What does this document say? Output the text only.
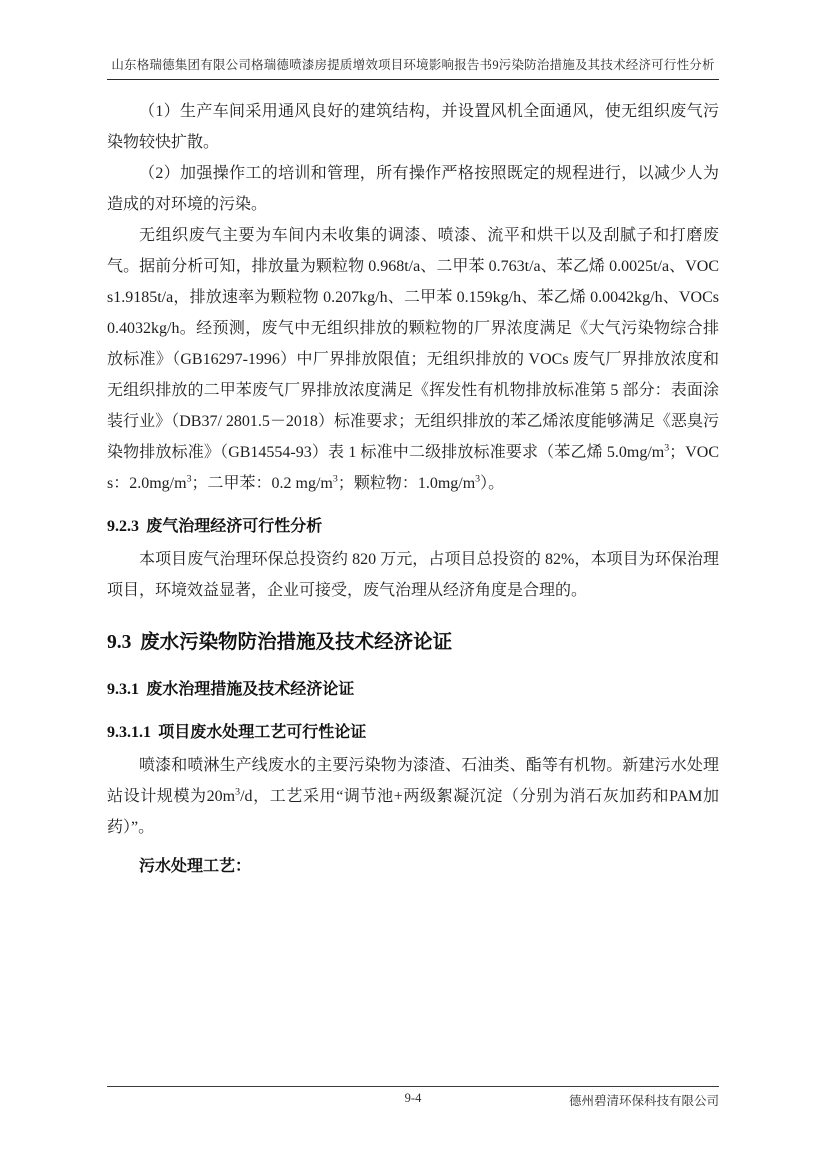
山东格瑞德集团有限公司格瑞德喷漆房提质增效项目环境影响报告书9污染防治措施及其技术经济可行性分析

（1）生产车间采用通风良好的建筑结构，并设置风机全面通风，使无组织废气污染物较快扩散。

（2）加强操作工的培训和管理，所有操作严格按照既定的规程进行，以减少人为造成的对环境的污染。

无组织废气主要为车间内未收集的调漆、喷漆、流平和烘干以及刮腻子和打磨废气。据前分析可知，排放量为颗粒物 0.968t/a、二甲苯 0.763t/a、苯乙烯 0.0025t/a、VOCs1.9185t/a，排放速率为颗粒物 0.207kg/h、二甲苯 0.159kg/h、苯乙烯 0.0042kg/h、VOCs0.4032kg/h。经预测，废气中无组织排放的颗粒物的厂界浓度满足《大气污染物综合排放标准》（GB16297-1996）中厂界排放限值；无组织排放的 VOCs 废气厂界排放浓度和无组织排放的二甲苯废气厂界排放浓度满足《挥发性有机物排放标准第 5 部分：表面涂装行业》（DB37/ 2801.5－2018）标准要求；无组织排放的苯乙烯浓度能够满足《恶臭污染物排放标准》（GB14554-93）表 1 标准中二级排放标准要求（苯乙烯 $5.0mg/m^3$；VOCs：$2.0mg/m^3$；二甲苯：0.2 $mg/m^3$；颗粒物：$1.0mg/m^3$）。

9.2.3 废气治理经济可行性分析

本项目废气治理环保总投资约 820 万元，占项目总投资的 82%，本项目为环保治理项目，环境效益显著，企业可接受，废气治理从经济角度是合理的。

9.3 废水污染物防治措施及技术经济论证
9.3.1 废水治理措施及技术经济论证
9.3.1.1 项目废水处理工艺可行性论证

喷漆和喷淋生产线废水的主要污染物为漆渣、石油类、酯等有机物。新建污水处理站设计规模为$20m^3/d$，工艺采用“调节池+两级絮凝沉淀（分别为消石灰加药和PAM加药）”。

污水处理工艺：

9-4	德州碧清环保科技有限公司
